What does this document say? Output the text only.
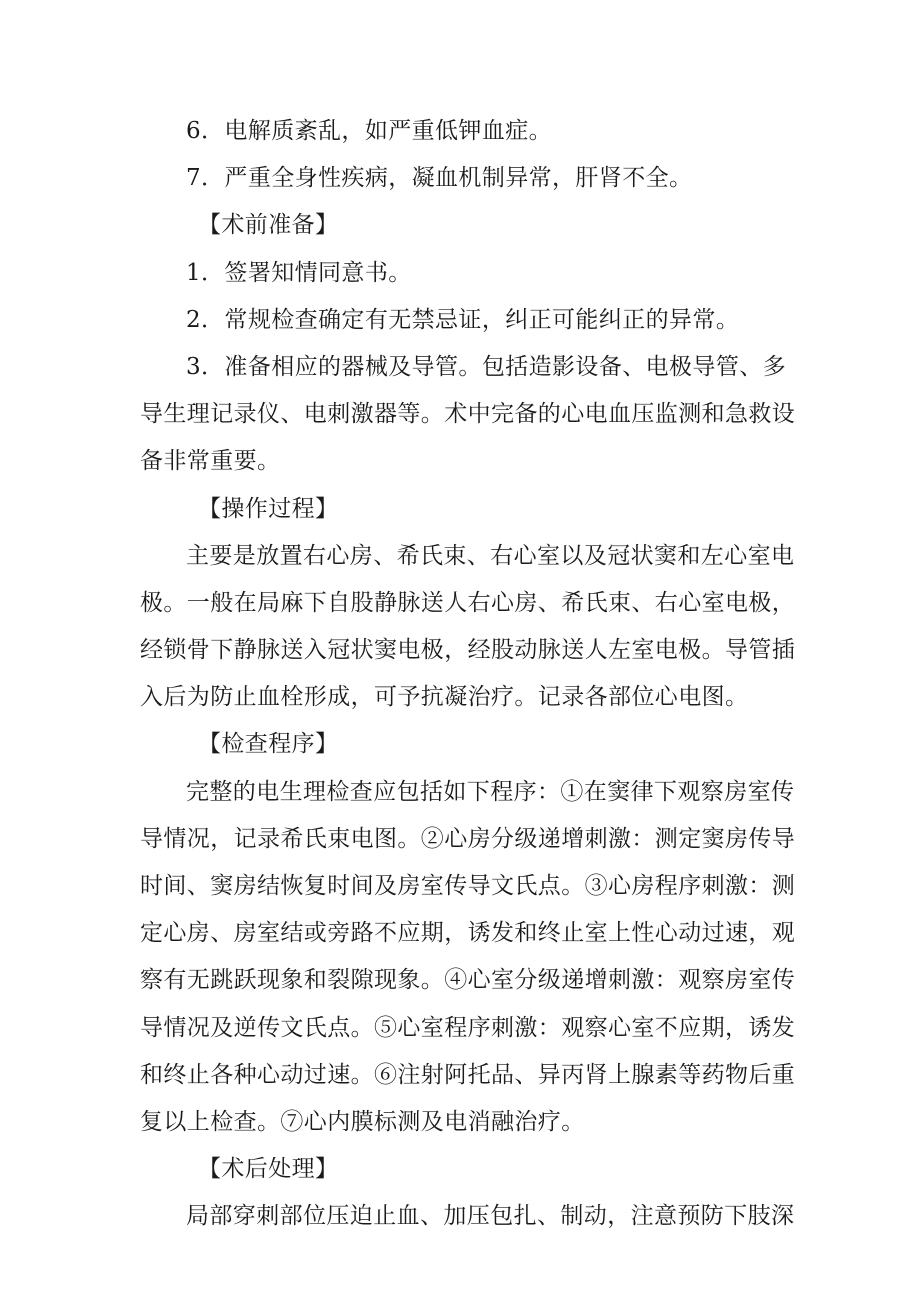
6．电解质紊乱，如严重低钾血症。
7．严重全身性疾病，凝血机制异常，肝肾不全。
【术前准备】
1．签署知情同意书。
2．常规检查确定有无禁忌证，纠正可能纠正的异常。
3．准备相应的器械及导管。包括造影设备、电极导管、多
导生理记录仪、电刺激器等。术中完备的心电血压监测和急救设
备非常重要。
【操作过程】
主要是放置右心房、希氏束、右心室以及冠状窦和左心室电
极。一般在局麻下自股静脉送人右心房、希氏束、右心室电极，
经锁骨下静脉送入冠状窦电极，经股动脉送人左室电极。导管插
入后为防止血栓形成，可予抗凝治疗。记录各部位心电图。
【检查程序】
完整的电生理检查应包括如下程序：①在窦律下观察房室传
导情况，记录希氏束电图。②心房分级递增刺激：测定窦房传导
时间、窦房结恢复时间及房室传导文氏点。③心房程序刺激：测
定心房、房室结或旁路不应期，诱发和终止室上性心动过速，观
察有无跳跃现象和裂隙现象。④心室分级递增刺激：观察房室传
导情况及逆传文氏点。⑤心室程序刺激：观察心室不应期，诱发
和终止各种心动过速。⑥注射阿托品、异丙肾上腺素等药物后重
复以上检查。⑦心内膜标测及电消融治疗。
【术后处理】
局部穿刺部位压迫止血、加压包扎、制动，注意预防下肢深
